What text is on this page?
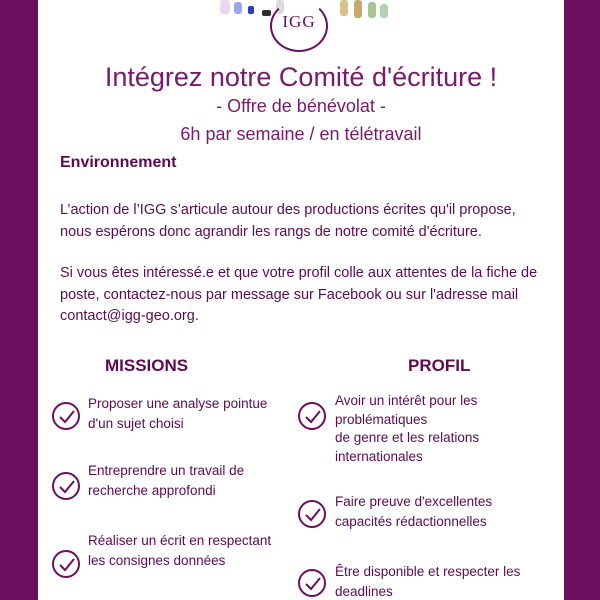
IGG
Intégrez notre Comité d'écriture !
- Offre de bénévolat -
6h par semaine / en télétravail
Environnement
L’action de l’IGG s’articule autour des productions écrites qu'il propose, nous espérons donc agrandir les rangs de notre comité d'écriture.
Si vous êtes intéressé.e et que votre profil colle aux attentes de la fiche de poste, contactez-nous par message sur Facebook ou sur l'adresse mail contact@igg-geo.org.
MISSIONS	PROFIL
Proposer une analyse pointue
d'un sujet choisi
Entreprendre un travail de
recherche approfondi
Réaliser un écrit en respectant
les consignes données
Avoir un intérêt pour les
problématiques
de genre et les relations
internationales
Faire preuve d'excellentes
capacités rédactionnelles
Être disponible et respecter les
deadlines
